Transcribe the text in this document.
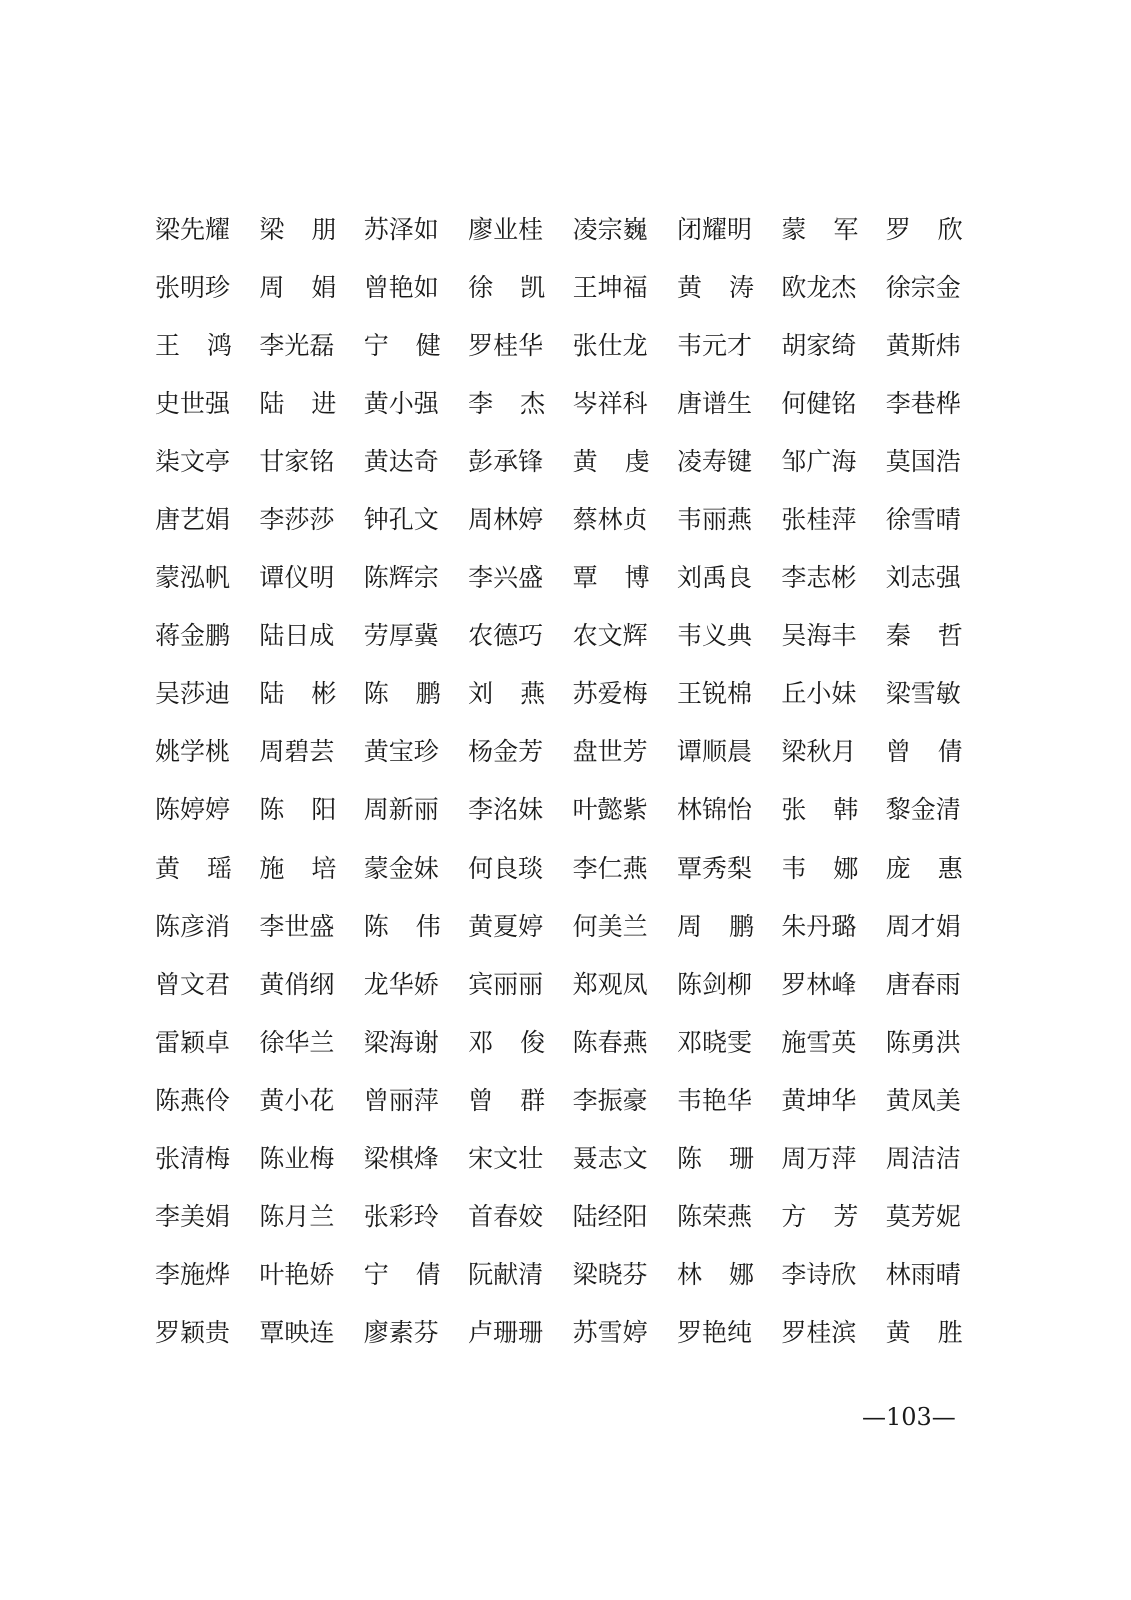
梁先耀	梁 朋	苏泽如	廖业桂	凌宗巍	闭耀明	蒙 军	罗 欣
张明珍	周 娟	曾艳如	徐 凯	王坤福	黄 涛	欧龙杰	徐宗金
王 鸿	李光磊	宁 健	罗桂华	张仕龙	韦元才	胡家绮	黄斯炜
史世强	陆 进	黄小强	李 杰	岑祥科	唐谱生	何健铭	李巷桦
柒文亭	甘家铭	黄达奇	彭承锋	黄 虔	凌寿键	邹广海	莫国浩
唐艺娟	李莎莎	钟孔文	周林婷	蔡林贞	韦丽燕	张桂萍	徐雪晴
蒙泓帆	谭仪明	陈辉宗	李兴盛	覃 博	刘禹良	李志彬	刘志强
蒋金鹏	陆日成	劳厚冀	农德巧	农文辉	韦义典	吴海丰	秦 哲
吴莎迪	陆 彬	陈 鹏	刘 燕	苏爱梅	王锐棉	丘小妹	梁雪敏
姚学桃	周碧芸	黄宝珍	杨金芳	盘世芳	谭顺晨	梁秋月	曾 倩
陈婷婷	陈 阳	周新丽	李洺妹	叶懿紫	林锦怡	张 韩	黎金清
黄 瑶	施 培	蒙金妹	何良琰	李仁燕	覃秀梨	韦 娜	庞 惠
陈彦消	李世盛	陈 伟	黄夏婷	何美兰	周 鹏	朱丹璐	周才娟
曾文君	黄俏纲	龙华娇	宾丽丽	郑观凤	陈剑柳	罗林峰	唐春雨
雷颖卓	徐华兰	梁海谢	邓 俊	陈春燕	邓晓雯	施雪英	陈勇洪
陈燕伶	黄小花	曾丽萍	曾 群	李振豪	韦艳华	黄坤华	黄凤美
张清梅	陈业梅	梁棋烽	宋文壮	聂志文	陈 珊	周万萍	周洁洁
李美娟	陈月兰	张彩玲	首春姣	陆经阳	陈荣燕	方 芳	莫芳妮
李施烨	叶艳娇	宁 倩	阮献清	梁晓芬	林 娜	李诗欣	林雨晴
罗颖贵	覃映连	廖素芬	卢珊珊	苏雪婷	罗艳纯	罗桂滨	黄 胜
—103—
